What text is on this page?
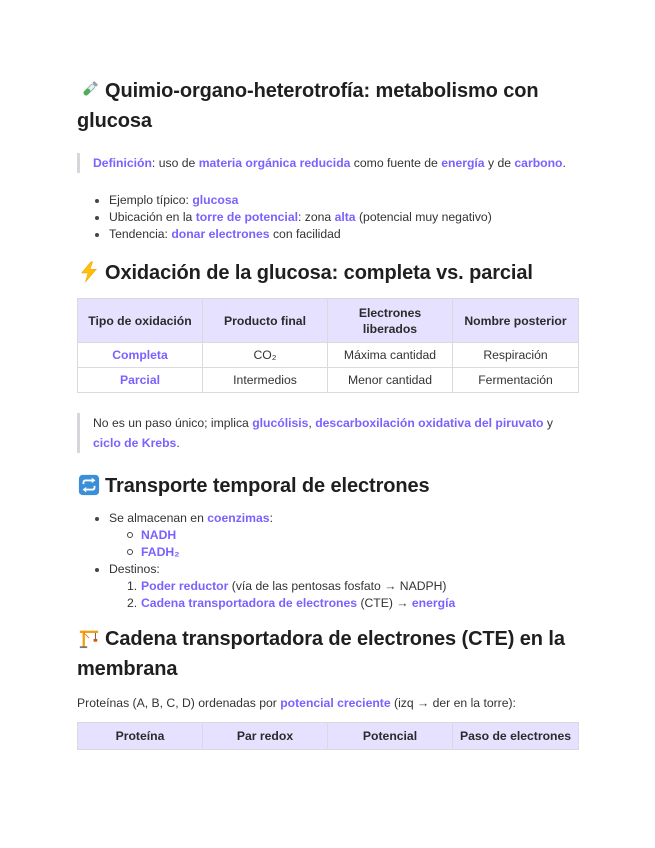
Quimio-organo-heterotrofía: metabolismo con glucosa
Definición: uso de materia orgánica reducida como fuente de energía y de carbono.
Ejemplo típico: glucosa
Ubicación en la torre de potencial: zona alta (potencial muy negativo)
Tendencia: donar electrones con facilidad
Oxidación de la glucosa: completa vs. parcial
Tipo de oxidación	Producto final	Electrones liberados	Nombre posterior
Completa	CO₂	Máxima cantidad	Respiración
Parcial	Intermedios	Menor cantidad	Fermentación
No es un paso único; implica glucólisis, descarboxilación oxidativa del piruvato y ciclo de Krebs.
Transporte temporal de electrones
Se almacenan en coenzimas:
NADH
FADH₂
Destinos:
Poder reductor (vía de las pentosas fosfato → NADPH)
Cadena transportadora de electrones (CTE) → energía
Cadena transportadora de electrones (CTE) en la membrana
Proteínas (A, B, C, D) ordenadas por potencial creciente (izq → der en la torre):
Proteína	Par redox	Potencial	Paso de electrones
